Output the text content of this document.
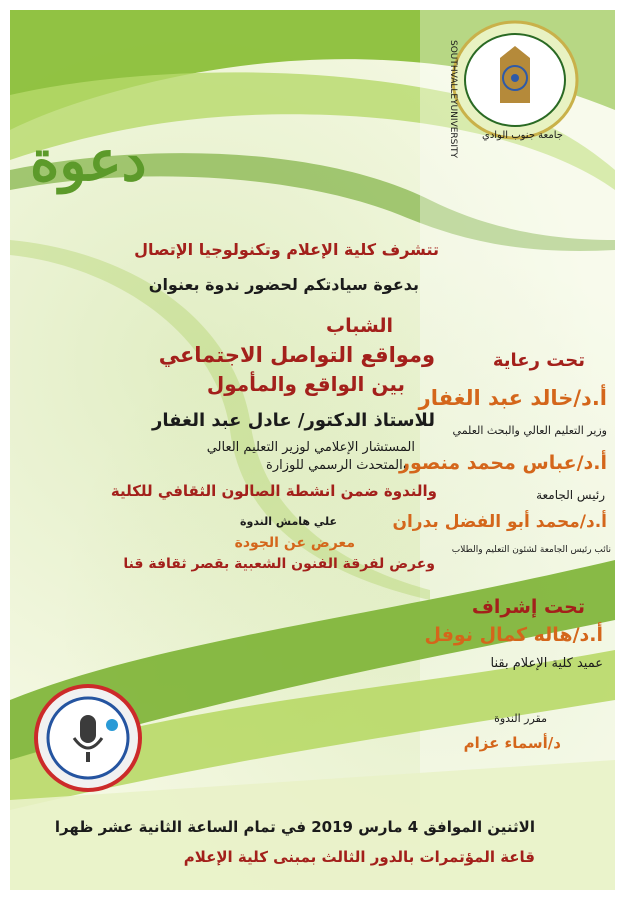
SOUTHVALLEYUNIVERSITY جامعة جنوب الوادي
دعوة
تتشرف كلية الإعلام وتكنولوجيا الإتصال
بدعوة سيادتكم لحضور ندوة بعنوان
الشباب
ومواقع التواصل الاجتماعي
بين الواقع والمأمول
للاستاذ الدكتور/ عادل عبد الغفار
المستشار الإعلامي لوزير التعليم العالي
والمتحدث الرسمي للوزارة
والندوة ضمن انشطة الصالون الثقافي للكلية
علي هامش الندوة
معرض عن الجودة
وعرض لفرقة الفنون الشعبية بقصر ثقافة قنا
تحت رعاية
أ.د/خالد عبد الغفار
وزير التعليم العالي والبحث العلمي
أ.د/عباس محمد منصور
رئيس الجامعة
أ.د/محمد أبو الفضل بدران
نائب رئيس الجامعة لشئون التعليم والطلاب
تحت إشراف
أ.د/هاله كمال نوفل
عميد كلية الإعلام بقنا
مقرر الندوة
د/أسماء عزام
الاثنين الموافق 4 مارس 2019 في تمام الساعة الثانية عشر ظهرا
قاعة المؤتمرات بالدور الثالث بمبنى كلية الإعلام
